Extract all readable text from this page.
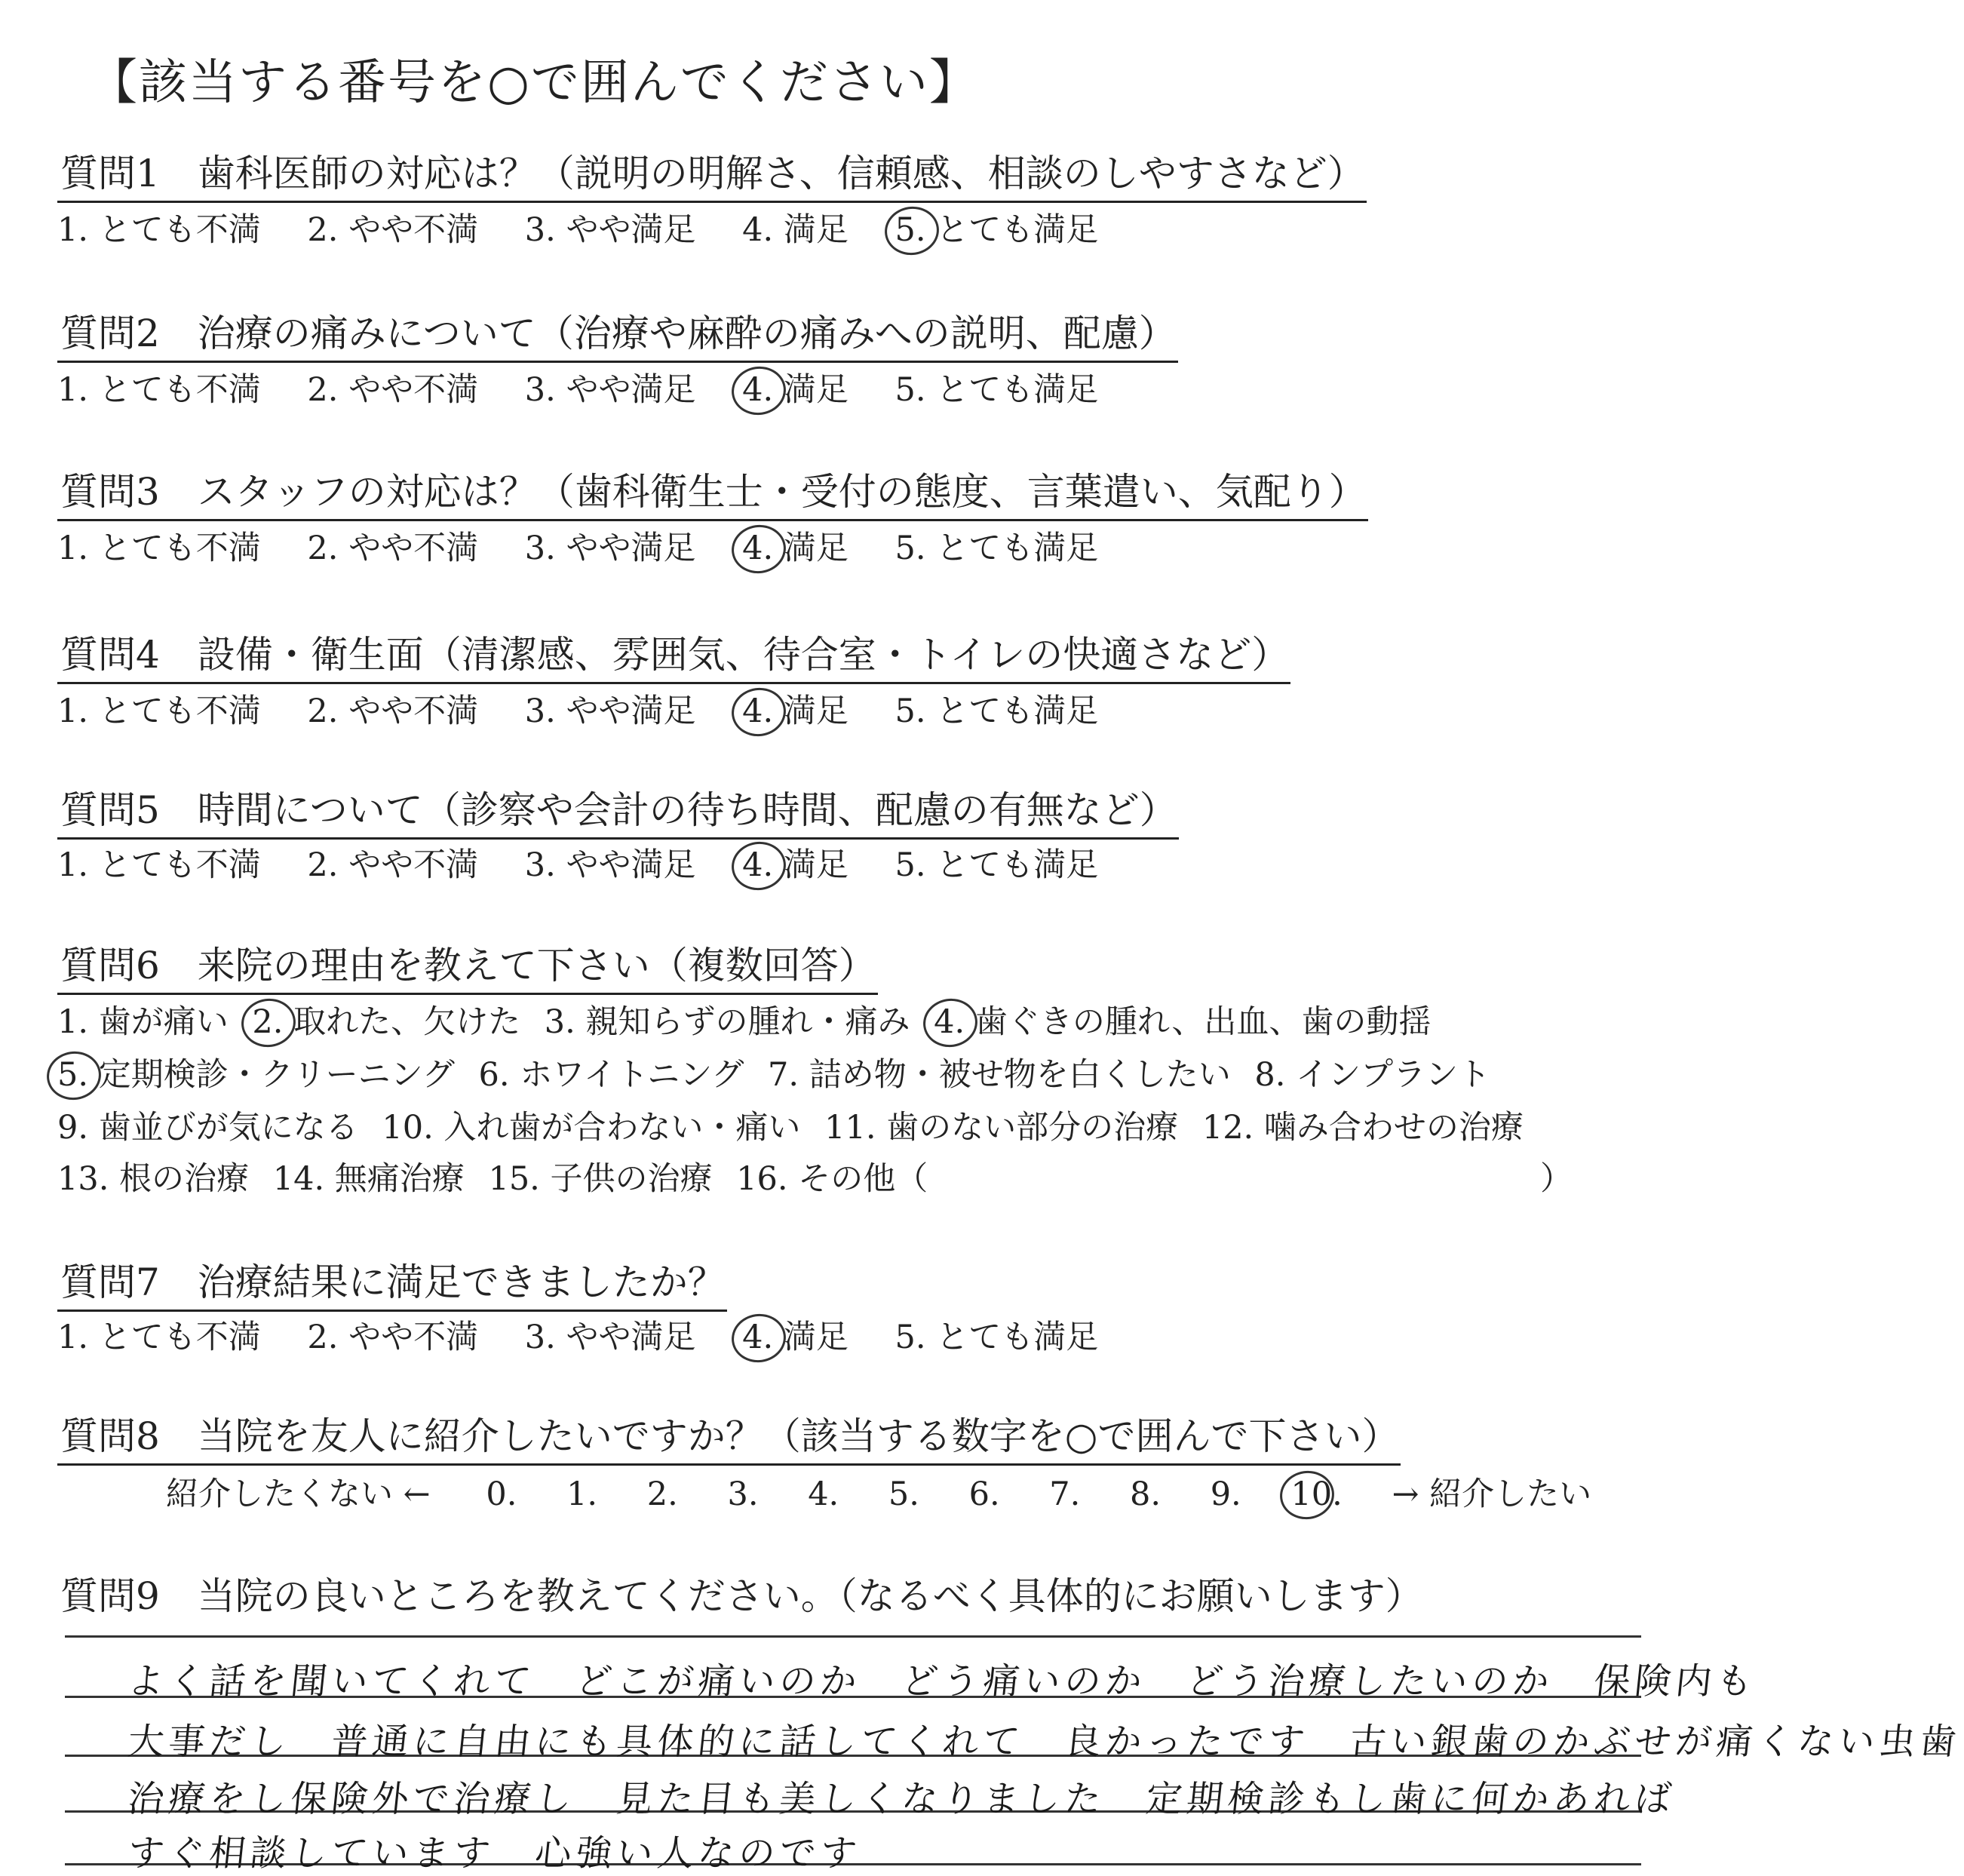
【該当する番号を○で囲んでください】
質問1　歯科医師の対応は？（説明の明解さ、信頼感、相談のしやすさなど）
1. とても不満 2. やや不満 3. やや満足 4. 満足 5. とても満足
質問2　治療の痛みについて（治療や麻酔の痛みへの説明、配慮）
1. とても不満 2. やや不満 3. やや満足 4. 満足 5. とても満足
質問3　スタッフの対応は？（歯科衛生士・受付の態度、言葉遣い、気配り）
1. とても不満 2. やや不満 3. やや満足 4. 満足 5. とても満足
質問4　設備・衛生面（清潔感、雰囲気、待合室・トイレの快適さなど）
1. とても不満 2. やや不満 3. やや満足 4. 満足 5. とても満足
質問5　時間について（診察や会計の待ち時間、配慮の有無など）
1. とても不満 2. やや不満 3. やや満足 4. 満足 5. とても満足
質問6　来院の理由を教えて下さい（複数回答）
1. 歯が痛い 2. 取れた、欠けた 3. 親知らずの腫れ・痛み 4. 歯ぐきの腫れ、出血、歯の動揺
5. 定期検診・クリーニング 6. ホワイトニング 7. 詰め物・被せ物を白くしたい 8. インプラント
9. 歯並びが気になる 10. 入れ歯が合わない・痛い 11. 歯のない部分の治療 12. 噛み合わせの治療
13. 根の治療 14. 無痛治療 15. 子供の治療 16. その他（	）
質問7　治療結果に満足できましたか？
1. とても不満 2. やや不満 3. やや満足 4. 満足 5. とても満足
質問8　当院を友人に紹介したいですか？（該当する数字を○で囲んで下さい）
紹介したくない ← 0. 1. 2. 3. 4. 5. 6. 7. 8. 9. 10. → 紹介したい
質問9　当院の良いところを教えてください。（なるべく具体的にお願いします）
よく話を聞いてくれて　どこが痛いのか　どう痛いのか　どう治療したいのか　保険内も
大事だし　普通に自由にも具体的に話してくれて　良かったです　古い銀歯のかぶせが痛くない虫歯
治療をし保険外で治療し　見た目も美しくなりました　定期検診もし歯に何かあれば
すぐ相談しています　心強い人なのです
